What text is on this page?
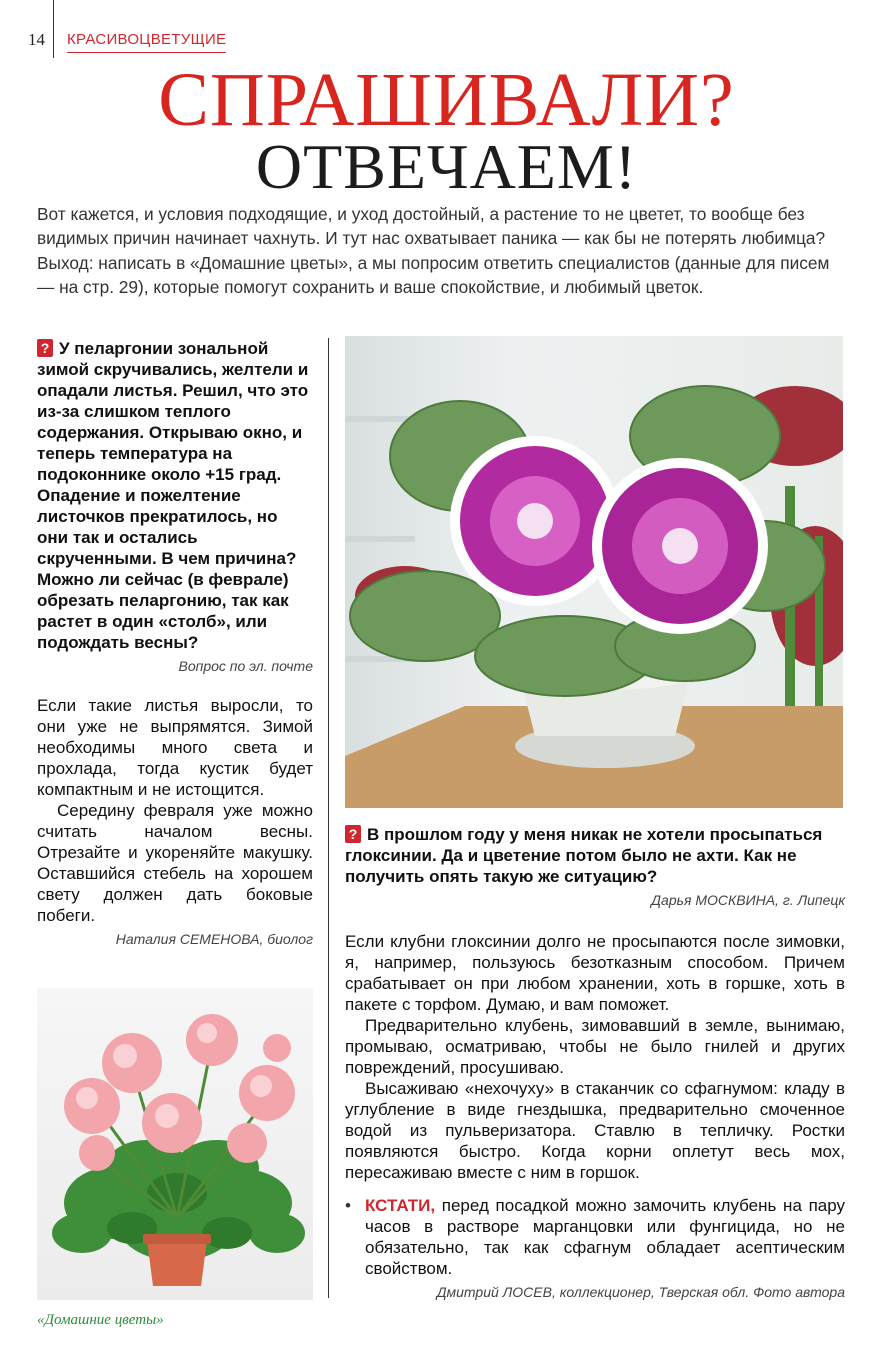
14 КРАСИВОЦВЕТУЩИЕ
СПРАШИВАЛИ?
ОТВЕЧАЕМ!
Вот кажется, и условия подходящие, и уход достойный, а растение то не цветет, то вообще без видимых причин начинает чахнуть. И тут нас охватывает паника — как бы не потерять любимца? Выход: написать в «Домашние цветы», а мы попросим ответить специалистов (данные для писем — на стр. 29), которые помогут сохранить и ваше спокойствие, и любимый цветок.

? У пеларгонии зональной зимой скручивались, желтели и опадали листья. Решил, что это из-за слишком теплого содержания. Открываю окно, и теперь температура на подоконнике около +15 град. Опадение и пожелтение листочков прекратилось, но они так и остались скрученными. В чем причина? Можно ли сейчас (в феврале) обрезать пеларгонию, так как растет в один «столб», или подождать весны?

Вопрос по эл. почте

Если такие листья выросли, то они уже не выпрямятся. Зимой необходимы много света и прохлада, тогда кустик будет компактным и не истощится.

Середину февраля уже можно считать началом весны. Отрезайте и укореняйте макушку. Оставшийся стебель на хорошем свету должен дать боковые побеги.

Наталия СЕМЕНОВА, биолог

? В прошлом году у меня никак не хотели просыпаться глоксинии. Да и цветение потом было не ахти. Как не получить опять такую же ситуацию?

Дарья МОСКВИНА, г. Липецк

Если клубни глоксинии долго не просыпаются после зимовки, я, например, пользуюсь безотказным способом. Причем срабатывает он при любом хранении, хоть в горшке, хоть в пакете с торфом. Думаю, и вам поможет.

Предварительно клубень, зимовавший в земле, вынимаю, промываю, осматриваю, чтобы не было гнилей и других повреждений, просушиваю.

Высаживаю «нехочуху» в стаканчик со сфагнумом: кладу в углубление в виде гнездышка, предварительно смоченное водой из пульверизатора. Ставлю в тепличку. Ростки появляются быстро. Когда корни оплетут весь мох, пересаживаю вместе с ним в горшок.

• КСТАТИ, перед посадкой можно замочить клубень на пару часов в растворе марганцовки или фунгицида, но не обязательно, так как сфагнум обладает асептическим свойством.

Дмитрий ЛОСЕВ, коллекционер, Тверская обл. Фото автора

«Домашние цветы»
